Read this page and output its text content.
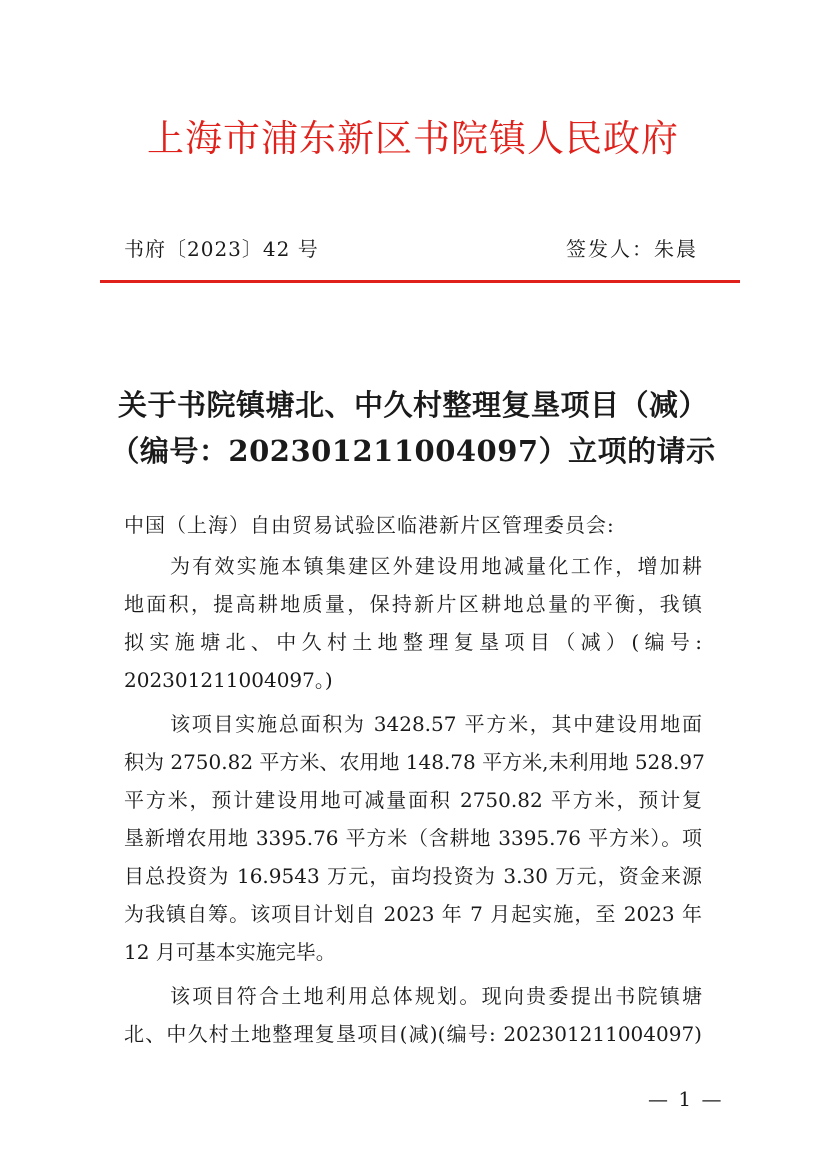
上海市浦东新区书院镇人民政府
书府〔2023〕42 号	签发人：朱晨
关于书院镇塘北、中久村整理复垦项目（减）
（编号：202301211004097）立项的请示
中国（上海）自由贸易试验区临港新片区管理委员会:
为有效实施本镇集建区外建设用地减量化工作，增加耕
地面积，提高耕地质量，保持新片区耕地总量的平衡，我镇
拟实施塘北、中久村土地整理复垦项目（减）(编号:
202301211004097。)
该项目实施总面积为 3428.57 平方米，其中建设用地面
积为 2750.82 平方米、农用地 148.78 平方米,未利用地 528.97
平方米，预计建设用地可减量面积 2750.82 平方米，预计复
垦新增农用地 3395.76 平方米（含耕地 3395.76 平方米）。项
目总投资为 16.9543 万元，亩均投资为 3.30 万元，资金来源
为我镇自筹。该项目计划自 2023 年 7 月起实施，至 2023 年
12 月可基本实施完毕。
该项目符合土地利用总体规划。现向贵委提出书院镇塘
北、中久村土地整理复垦项目(减)(编号: 202301211004097)
— 1 —
